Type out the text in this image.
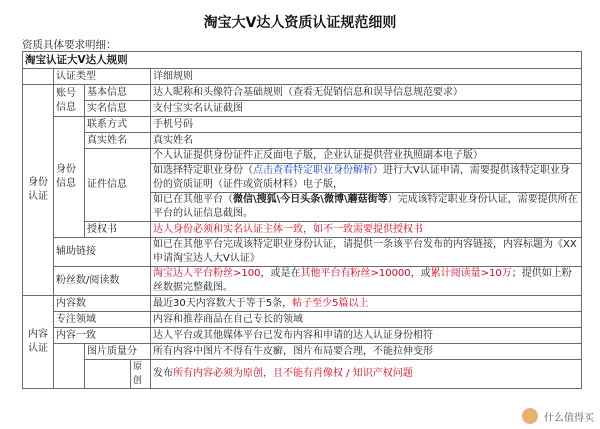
淘宝大V达人资质认证规范细则
资质具体要求明细：
淘宝认证大V达人规则				
	认证类型			详细规则
身份认证	账号信息	基本信息		达人昵称和头像符合基础规则（查看无促销信息和误导信息规范要求）
		实名信息		支付宝实名认证截图
	身份信息	联系方式		手机号码
		真实姓名		真实姓名
		证件信息		个人认证提供身份证件正反面电子版，企业认证提供营业执照副本电子版）
				如选择特定职业身份（点击查看特定职业身份解析）进行大V认证申请，需要提供该特定职业身份的资质证明（证件或资质材料）电子版，
				如已在其他平台（微信\搜狐\今日头条\微博\蘑菇街等）完成该特定职业身份认证，需要提供所在平台的认证信息截图。
		授权书		达人身份必须和实名认证主体一致，如不一致需要提供授权书
	辅助链接			如已在其他平台完成该特定职业身份认证，请提供一条该平台发布的内容链接，内容标题为《XX申请淘宝达人大V认证》
	粉丝数/阅读数			淘宝达人平台粉丝>100，或是在其他平台有粉丝>10000，或累计阅读量>10万；提供如上粉丝数据完整截图。
内容认证	内容数			最近30天内容数大于等于5条，帖子至少5篇以上
	专注领域			内容和推荐商品在自己专长的领域
	内容一致			达人平台或其他媒体平台已发布内容和申请的达人认证身份相符
		图片质量分		所有内容中图片不得有牛皮癣，图片布局要合理，不能拉伸变形
			原创	发布所有内容必须为原创，且不能有肖像权 / 知识产权问题
什么值得买
